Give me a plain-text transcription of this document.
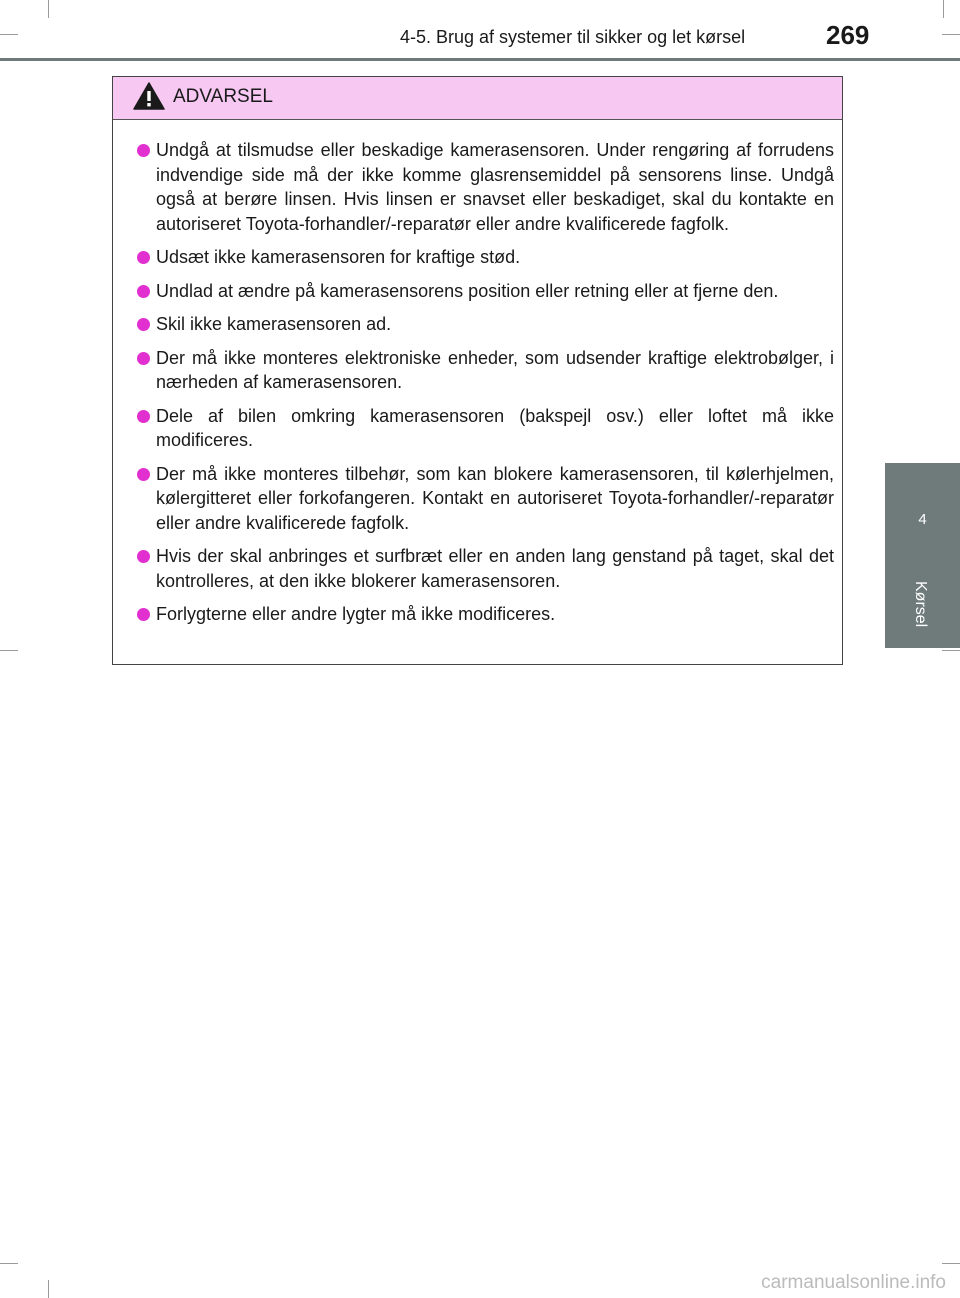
4-5. Brug af systemer til sikker og let kørsel	269
4
Kørsel
ADVARSEL
Undgå at tilsmudse eller beskadige kamerasensoren. Under rengøring af forrudens indvendige side må der ikke komme glasrensemiddel på sensorens linse. Undgå også at berøre linsen. Hvis linsen er snavset eller beskadiget, skal du kontakte en autoriseret Toyota-forhandler/-reparatør eller andre kvalificerede fagfolk.
Udsæt ikke kamerasensoren for kraftige stød.
Undlad at ændre på kamerasensorens position eller retning eller at fjerne den.
Skil ikke kamerasensoren ad.
Der må ikke monteres elektroniske enheder, som udsender kraftige elektrobølger, i nærheden af kamerasensoren.
Dele af bilen omkring kamerasensoren (bakspejl osv.) eller loftet må ikke modificeres.
Der må ikke monteres tilbehør, som kan blokere kamerasensoren, til kølerhjelmen, kølergitteret eller forkofangeren. Kontakt en autoriseret Toyota-forhandler/-reparatør eller andre kvalificerede fagfolk.
Hvis der skal anbringes et surfbræt eller en anden lang genstand på taget, skal det kontrolleres, at den ikke blokerer kamerasensoren.
Forlygterne eller andre lygter må ikke modificeres.
carmanualsonline.info
